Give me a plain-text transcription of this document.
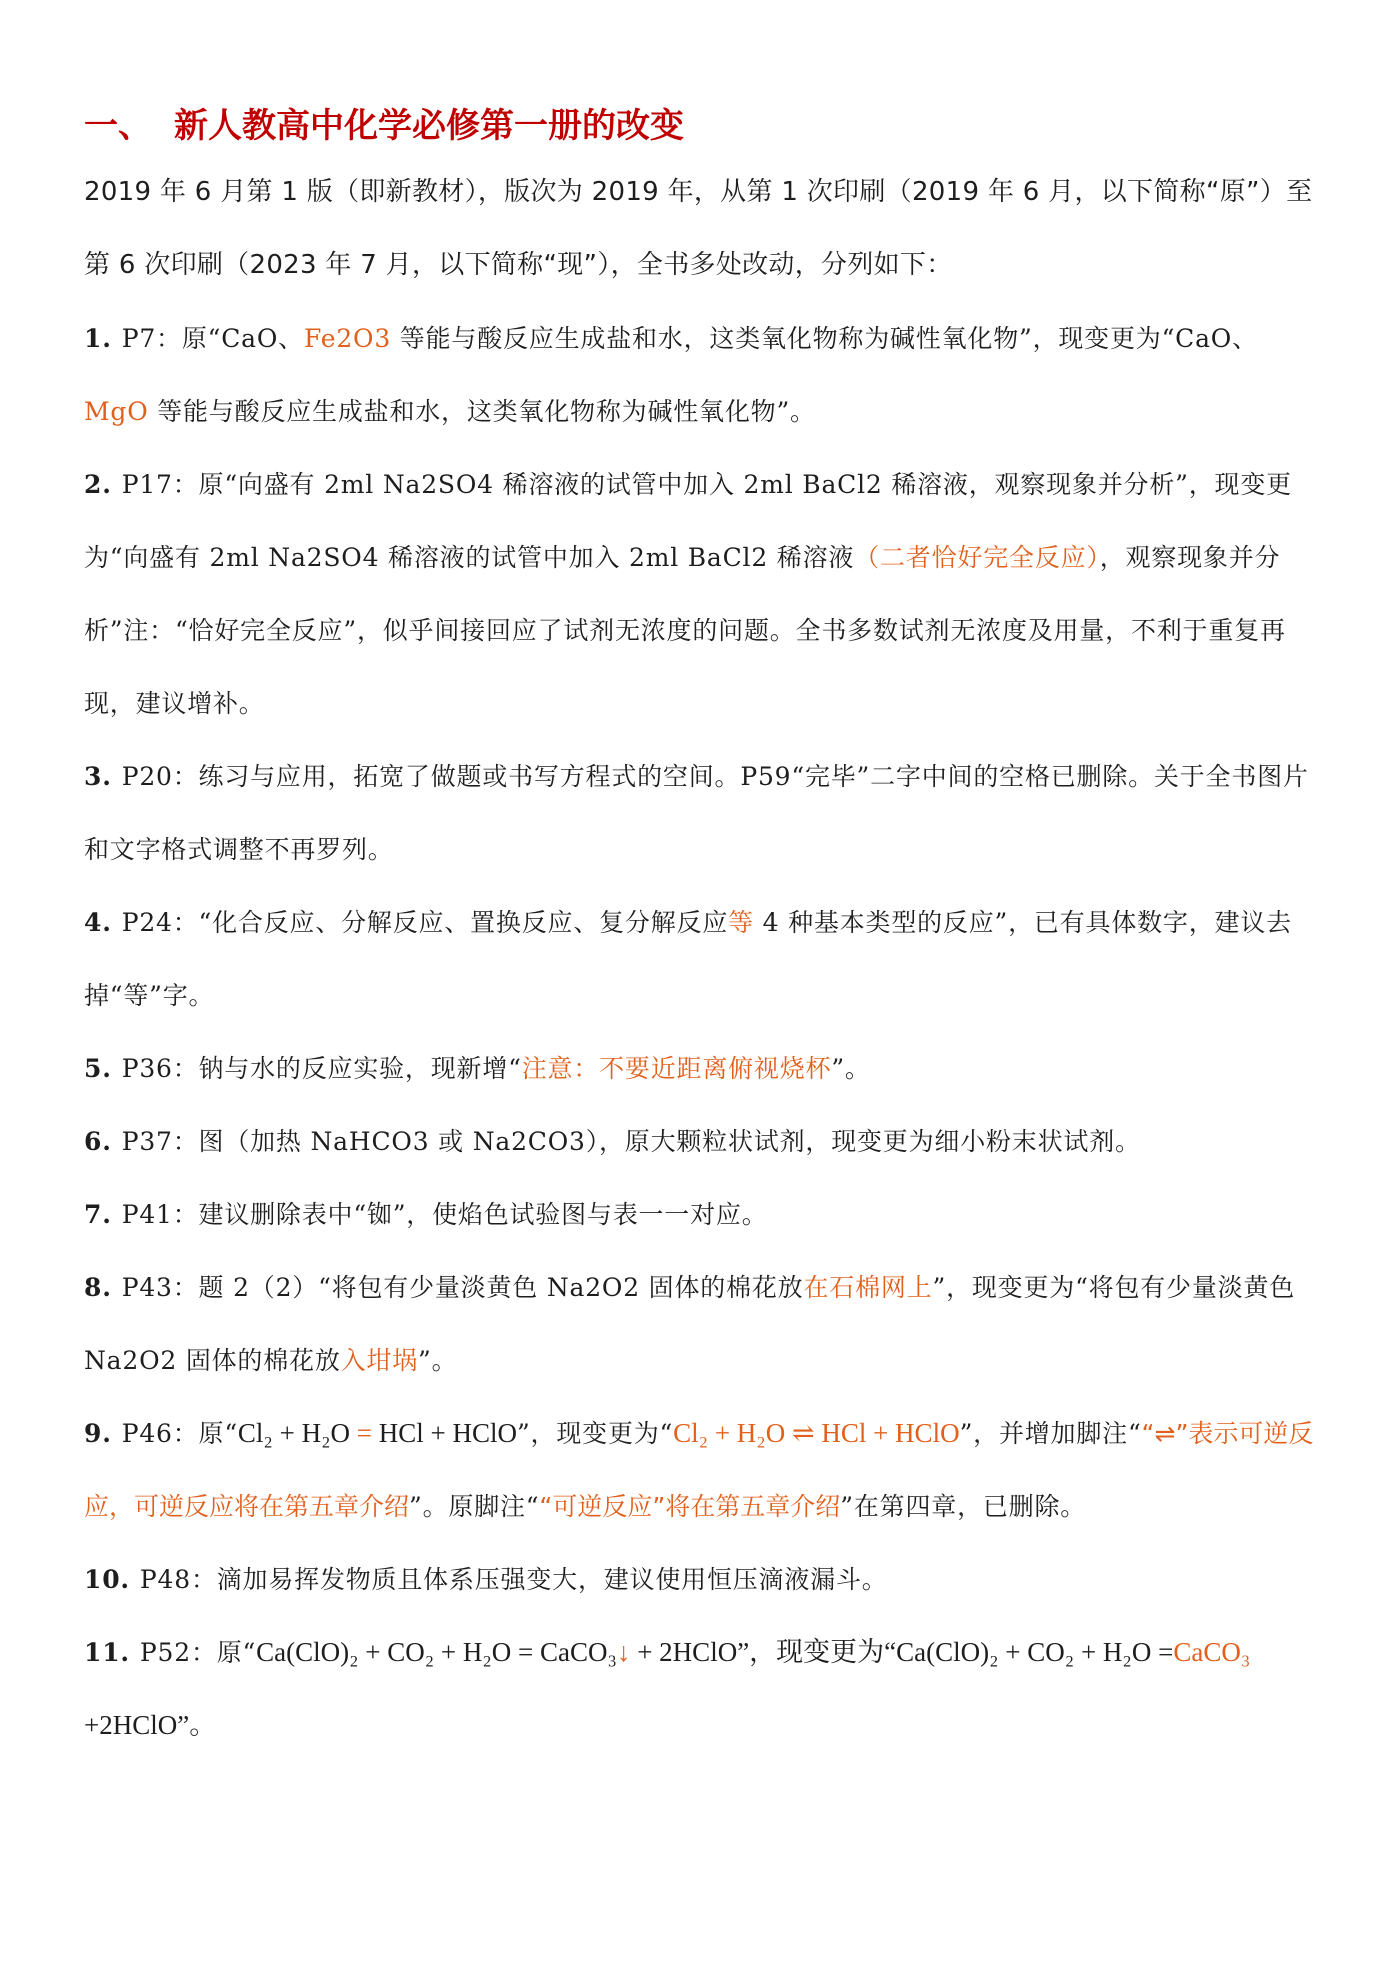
一、 新人教高中化学必修第一册的改变

2019 年 6 月第 1 版（即新教材），版次为 2019 年，从第 1 次印刷（2019 年 6 月，以下简称“原”）至第 6 次印刷（2023 年 7 月，以下简称“现”），全书多处改动，分列如下：

1. P7：原“CaO、Fe2O3 等能与酸反应生成盐和水，这类氧化物称为碱性氧化物”，现变更为“CaO、MgO 等能与酸反应生成盐和水，这类氧化物称为碱性氧化物”。

2. P17：原“向盛有 2ml Na2SO4 稀溶液的试管中加入 2ml BaCl2 稀溶液，观察现象并分析”，现变更为“向盛有 2ml Na2SO4 稀溶液的试管中加入 2ml BaCl2 稀溶液（二者恰好完全反应），观察现象并分析”注：“恰好完全反应”，似乎间接回应了试剂无浓度的问题。全书多数试剂无浓度及用量，不利于重复再现，建议增补。

3. P20：练习与应用，拓宽了做题或书写方程式的空间。P59“完毕”二字中间的空格已删除。关于全书图片和文字格式调整不再罗列。

4. P24：“化合反应、分解反应、置换反应、复分解反应等 4 种基本类型的反应”，已有具体数字，建议去掉“等”字。

5. P36：钠与水的反应实验，现新增“注意：不要近距离俯视烧杯”。

6. P37：图（加热 NaHCO3 或 Na2CO3），原大颗粒状试剂，现变更为细小粉末状试剂。

7. P41：建议删除表中“铷”，使焰色试验图与表一一对应。

8. P43：题 2（2）“将包有少量淡黄色 Na2O2 固体的棉花放在石棉网上”，现变更为“将包有少量淡黄色 Na2O2 固体的棉花放入坩埚”。

9. P46：原“Cl₂ + H₂O = HCl + HClO”，现变更为“Cl₂ + H₂O ⇌ HCl + HClO”，并增加脚注““⇌”表示可逆反应，可逆反应将在第五章介绍”。原脚注““可逆反应”将在第五章介绍”在第四章，已删除。

10. P48：滴加易挥发物质且体系压强变大，建议使用恒压滴液漏斗。

11. P52：原“Ca(ClO)₂ + CO₂ + H₂O = CaCO₃↓ + 2HClO”，现变更为“Ca(ClO)₂ + CO₂ + H₂O =CaCO₃ +2HClO”。
